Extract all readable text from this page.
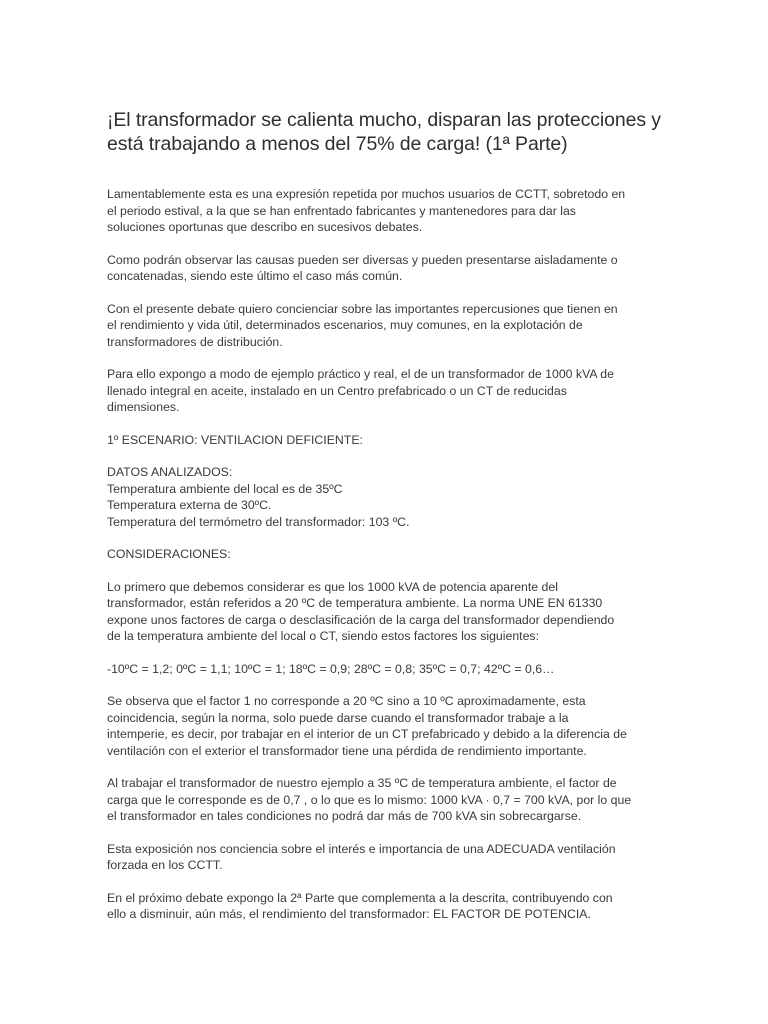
¡El transformador se calienta mucho, disparan las protecciones y
está trabajando a menos del 75% de carga! (1ª Parte)

Lamentablemente esta es una expresión repetida por muchos usuarios de CCTT, sobretodo en
el periodo estival, a la que se han enfrentado fabricantes y mantenedores para dar las
soluciones oportunas que describo en sucesivos debates.

Como podrán observar las causas pueden ser diversas y pueden presentarse aisladamente o
concatenadas, siendo este último el caso más común.

Con el presente debate quiero concienciar sobre las importantes repercusiones que tienen en
el rendimiento y vida útil, determinados escenarios, muy comunes, en la explotación de
transformadores de distribución.

Para ello expongo a modo de ejemplo práctico y real, el de un transformador de 1000 kVA de
llenado integral en aceite, instalado en un Centro prefabricado o un CT de reducidas
dimensiones.

1º ESCENARIO: VENTILACION DEFICIENTE:

DATOS ANALIZADOS:
Temperatura ambiente del local es de 35ºC
Temperatura externa de 30ºC.
Temperatura del termómetro del transformador: 103 ºC.

CONSIDERACIONES:

Lo primero que debemos considerar es que los 1000 kVA de potencia aparente del
transformador, están referidos a 20 ºC de temperatura ambiente. La norma UNE EN 61330
expone unos factores de carga o desclasificación de la carga del transformador dependiendo
de la temperatura ambiente del local o CT, siendo estos factores los siguientes:

-10ºC = 1,2; 0ºC = 1,1; 10ºC = 1; 18ºC = 0,9; 28ºC = 0,8; 35ºC = 0,7; 42ºC = 0,6…

Se observa que el factor 1 no corresponde a 20 ºC sino a 10 ºC aproximadamente, esta
coincidencia, según la norma, solo puede darse cuando el transformador trabaje a la
intemperie, es decir, por trabajar en el interior de un CT prefabricado y debido a la diferencia de
ventilación con el exterior el transformador tiene una pérdida de rendimiento importante.

Al trabajar el transformador de nuestro ejemplo a 35 ºC de temperatura ambiente, el factor de
carga que le corresponde es de 0,7 , o lo que es lo mismo: 1000 kVA · 0,7 = 700 kVA, por lo que
el transformador en tales condiciones no podrá dar más de 700 kVA sin sobrecargarse.

Esta exposición nos conciencia sobre el interés e importancia de una ADECUADA ventilación
forzada en los CCTT.

En el próximo debate expongo la 2ª Parte que complementa a la descrita, contribuyendo con
ello a disminuir, aún más, el rendimiento del transformador: EL FACTOR DE POTENCIA.
